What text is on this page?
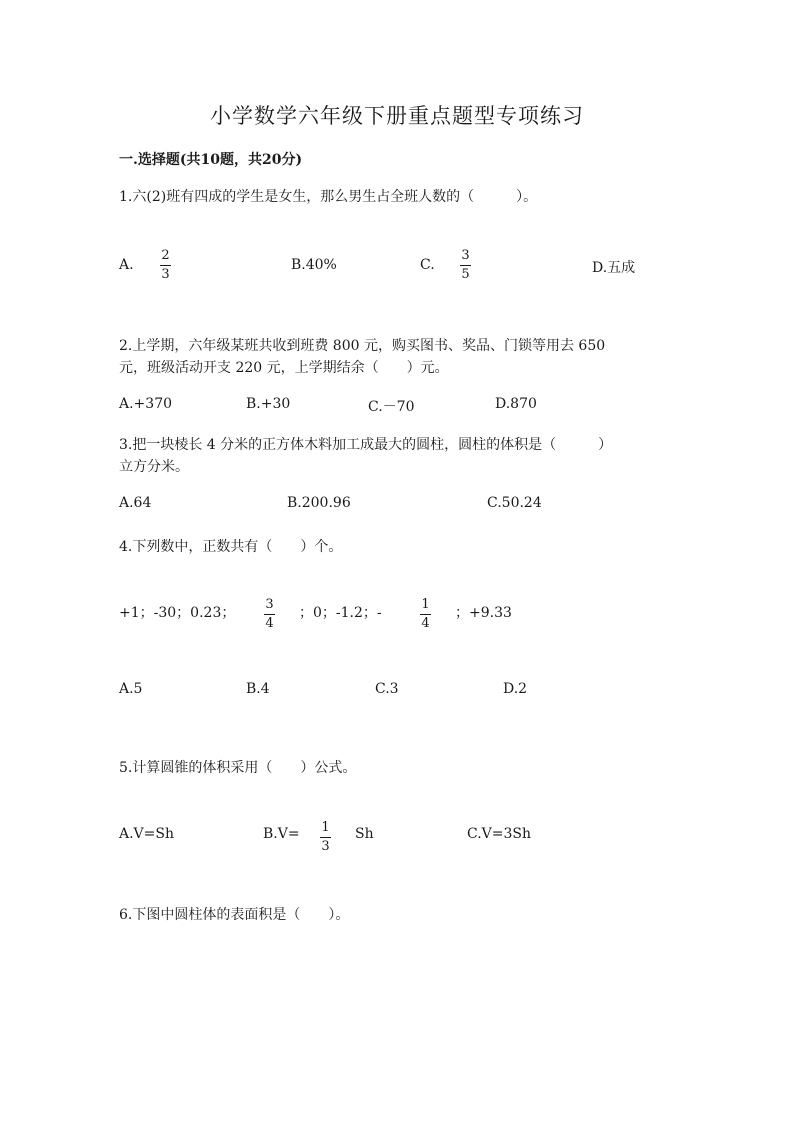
小学数学六年级下册重点题型专项练习
一.选择题(共10题，共20分)
1.六(2)班有四成的学生是女生，那么男生占全班人数的（　　　）。
A.
2
3
B.40%	C.
3
5	D.五成
2.上学期，六年级某班共收到班费 800 元，购买图书、奖品、门锁等用去 650
元，班级活动开支 220 元，上学期结余（　　）元。
A.+370	B.+30	C.－70	D.870
3.把一块棱长 4 分米的正方体木料加工成最大的圆柱，圆柱的体积是（　　　）
立方分米。
A.64	B.200.96	C.50.24
4.下列数中，正数共有（　　）个。
+1；-30；0.23；
3
4
；0；-1.2；-
1
4
；+9.33
A.5	B.4	C.3	D.2
5.计算圆锥的体积采用（　　）公式。
A.V=Sh	B.V= 1
3
Sh	C.V=3Sh
6.下图中圆柱体的表面积是（　　）。
